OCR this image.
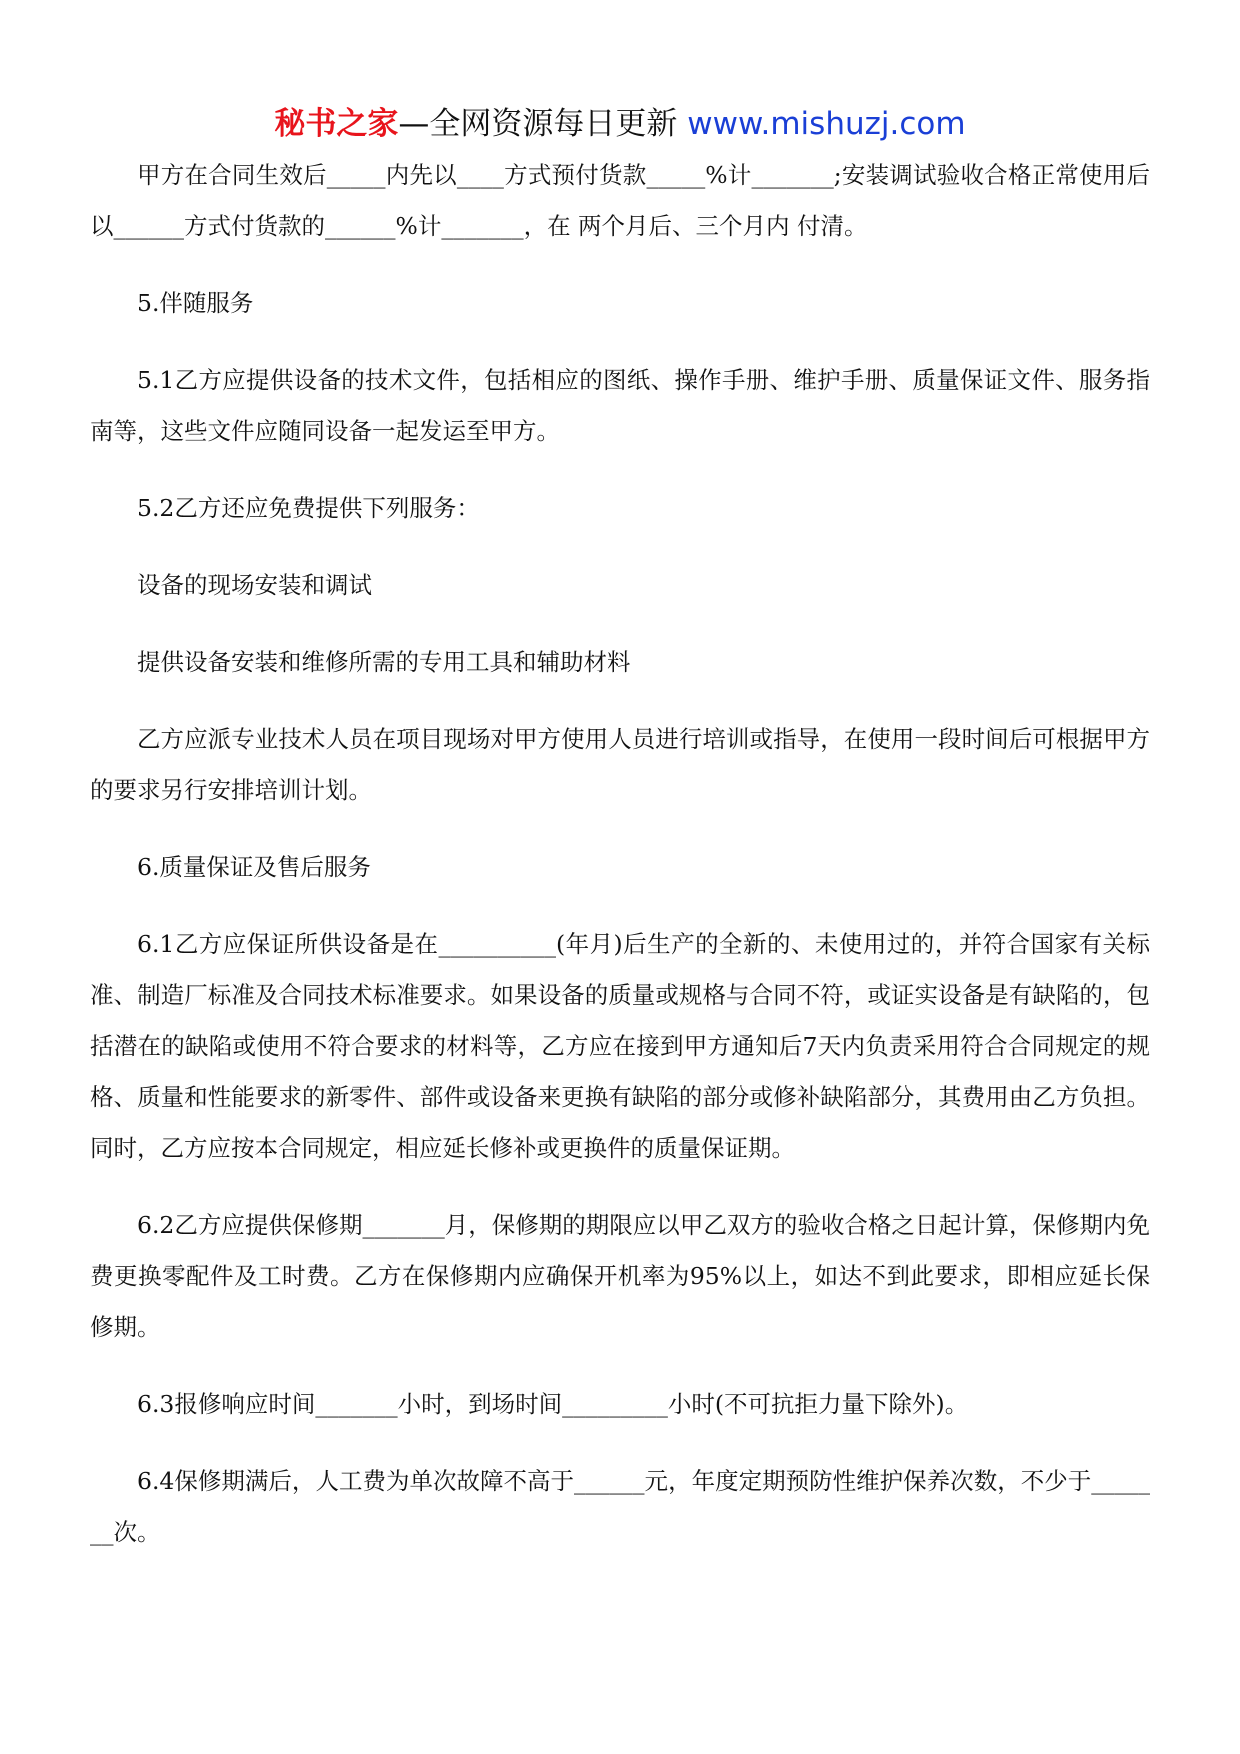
秘书之家—全网资源每日更新 www.mishuzj.com

甲方在合同生效后_____内先以____方式预付货款_____%计_______;安装调试验收合格正常使用后以______方式付货款的______%计_______，在 两个月后、三个月内 付清。

5.伴随服务

5.1乙方应提供设备的技术文件，包括相应的图纸、操作手册、维护手册、质量保证文件、服务指南等，这些文件应随同设备一起发运至甲方。

5.2乙方还应免费提供下列服务：

设备的现场安装和调试

提供设备安装和维修所需的专用工具和辅助材料

乙方应派专业技术人员在项目现场对甲方使用人员进行培训或指导，在使用一段时间后可根据甲方的要求另行安排培训计划。

6.质量保证及售后服务

6.1乙方应保证所供设备是在__________(年月)后生产的全新的、未使用过的，并符合国家有关标准、制造厂标准及合同技术标准要求。如果设备的质量或规格与合同不符，或证实设备是有缺陷的，包括潜在的缺陷或使用不符合要求的材料等，乙方应在接到甲方通知后7天内负责采用符合合同规定的规格、质量和性能要求的新零件、部件或设备来更换有缺陷的部分或修补缺陷部分，其费用由乙方负担。同时，乙方应按本合同规定，相应延长修补或更换件的质量保证期。

6.2乙方应提供保修期_______月，保修期的期限应以甲乙双方的验收合格之日起计算，保修期内免费更换零配件及工时费。乙方在保修期内应确保开机率为95%以上，如达不到此要求，即相应延长保修期。

6.3报修响应时间_______小时，到场时间_________小时(不可抗拒力量下除外)。

6.4保修期满后，人工费为单次故障不高于______元，年度定期预防性维护保养次数，不少于_______次。
